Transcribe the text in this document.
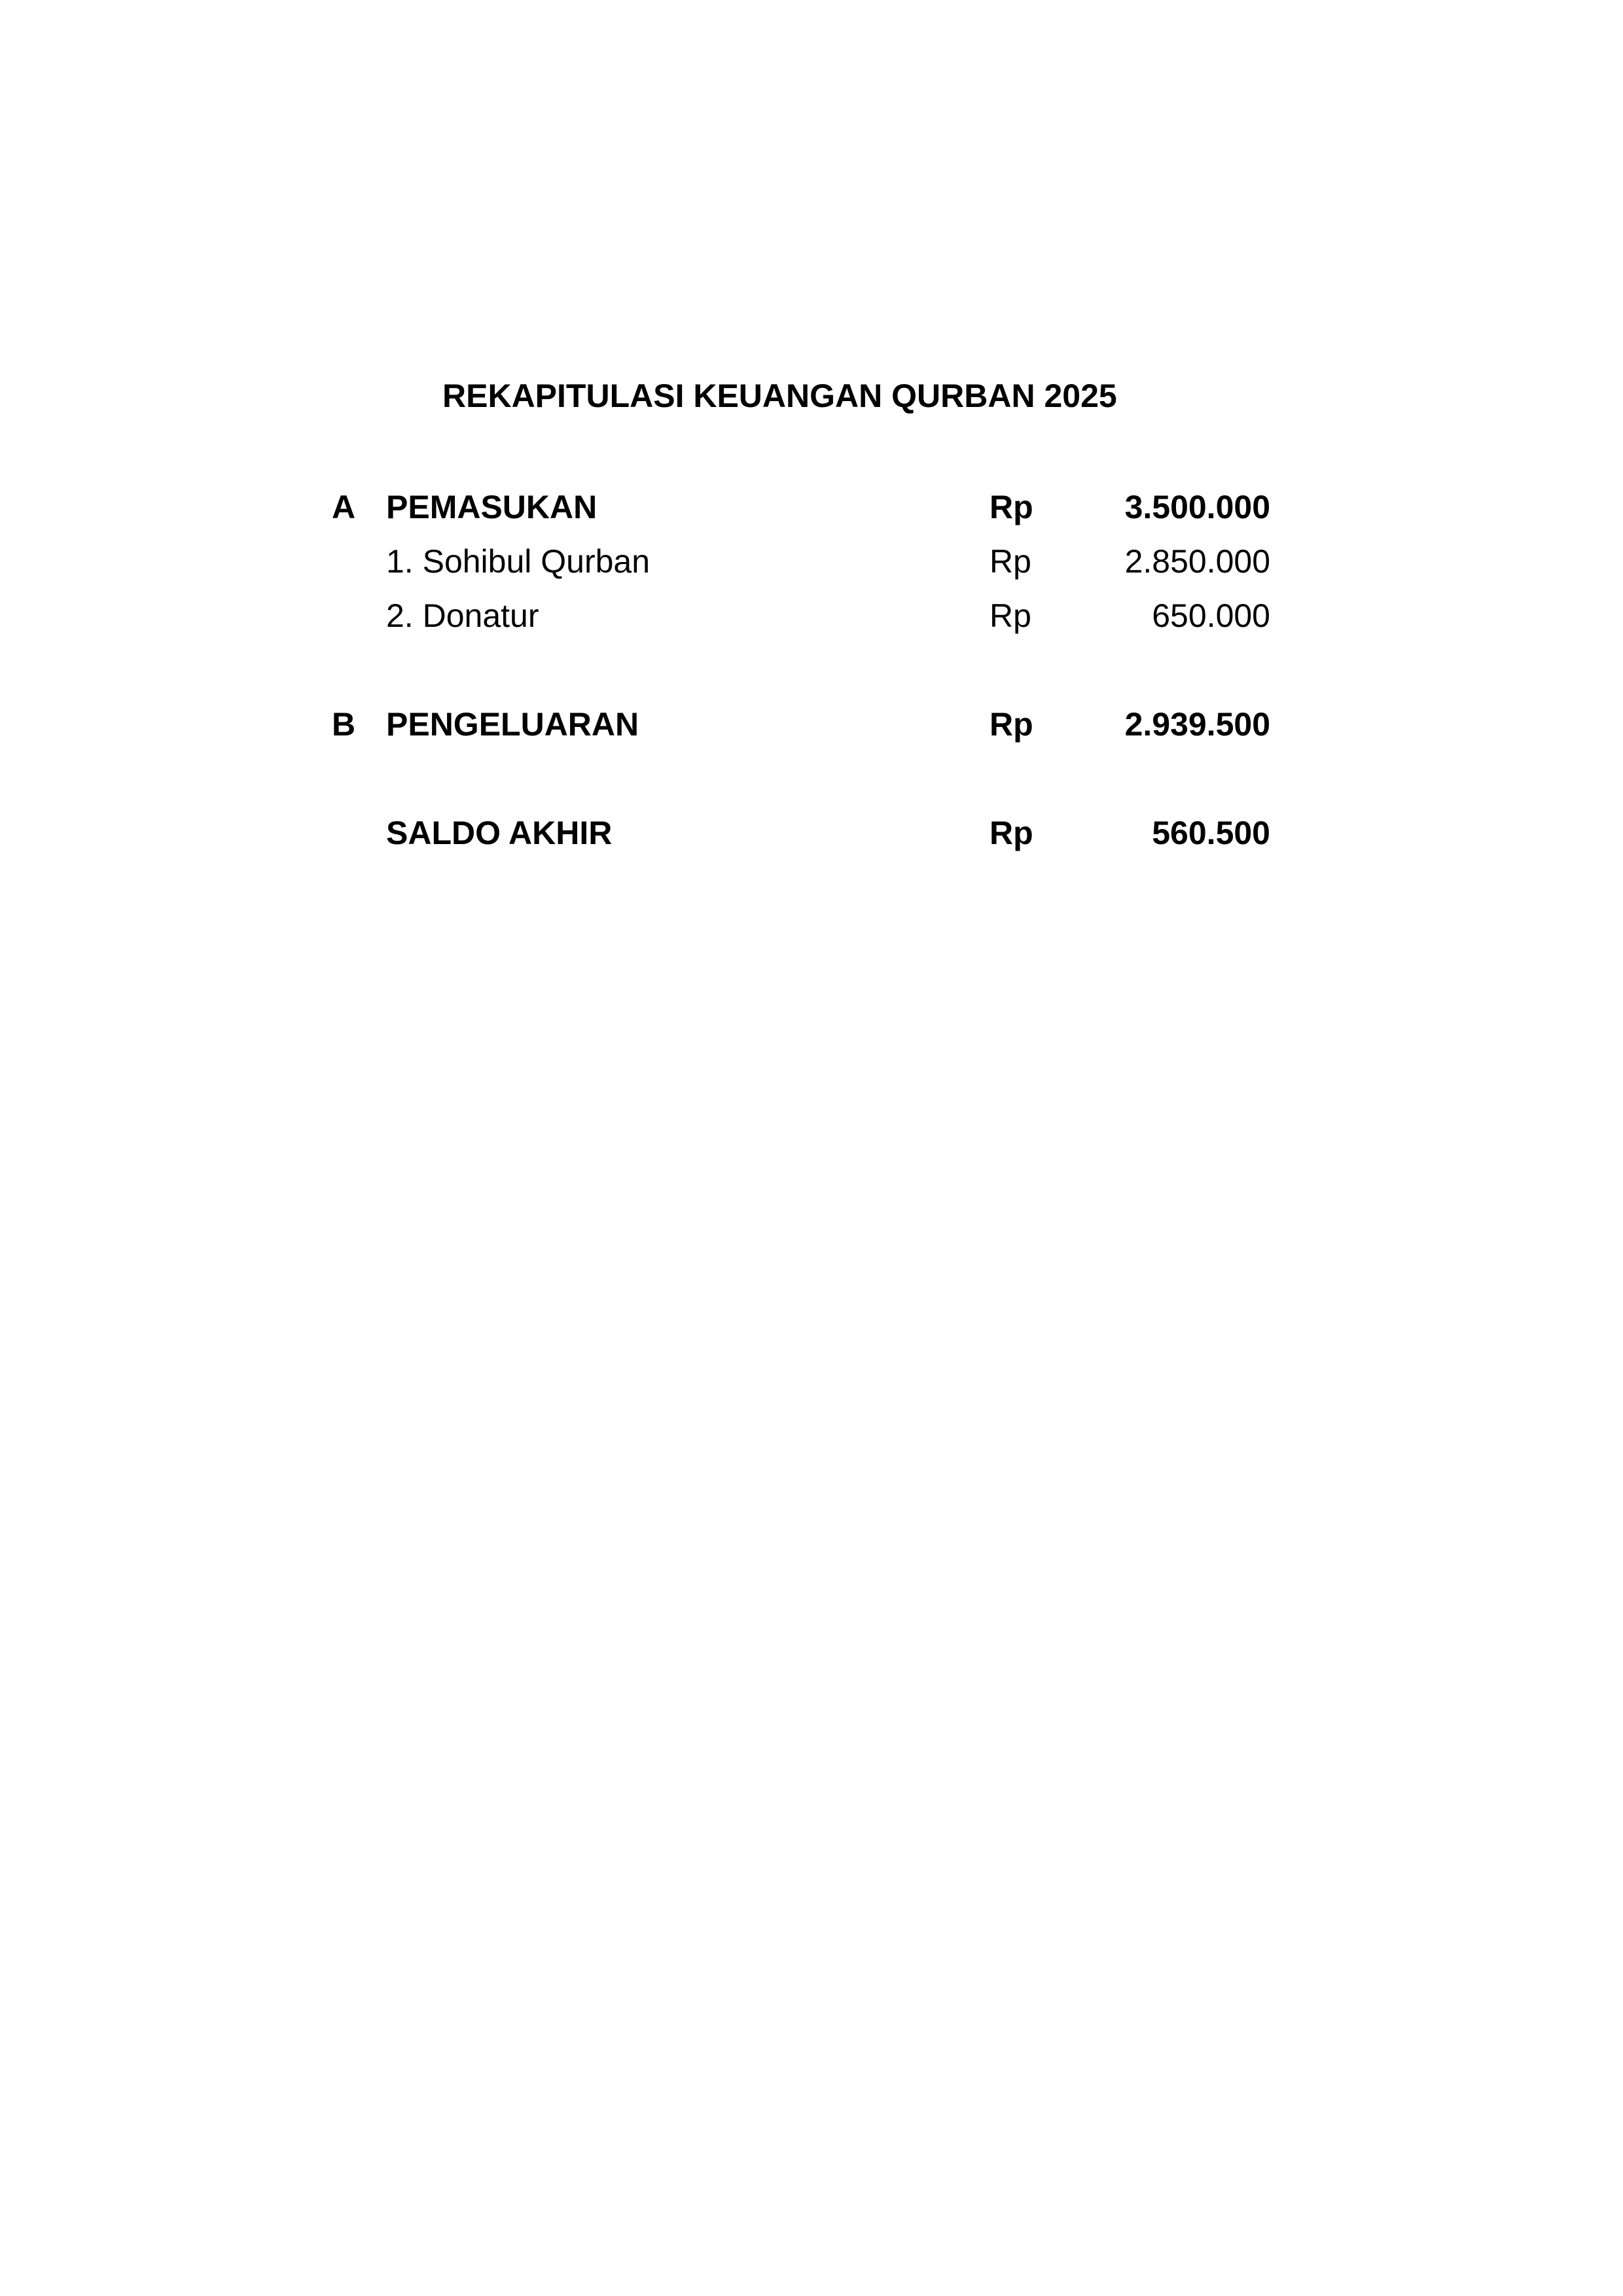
REKAPITULASI KEUANGAN QURBAN 2025
A PEMASUKAN	Rp	3.500.000
1. Sohibul Qurban	Rp	2.850.000
2. Donatur	Rp	650.000
B PENGELUARAN	Rp	2.939.500
SALDO AKHIR	Rp	560.500
